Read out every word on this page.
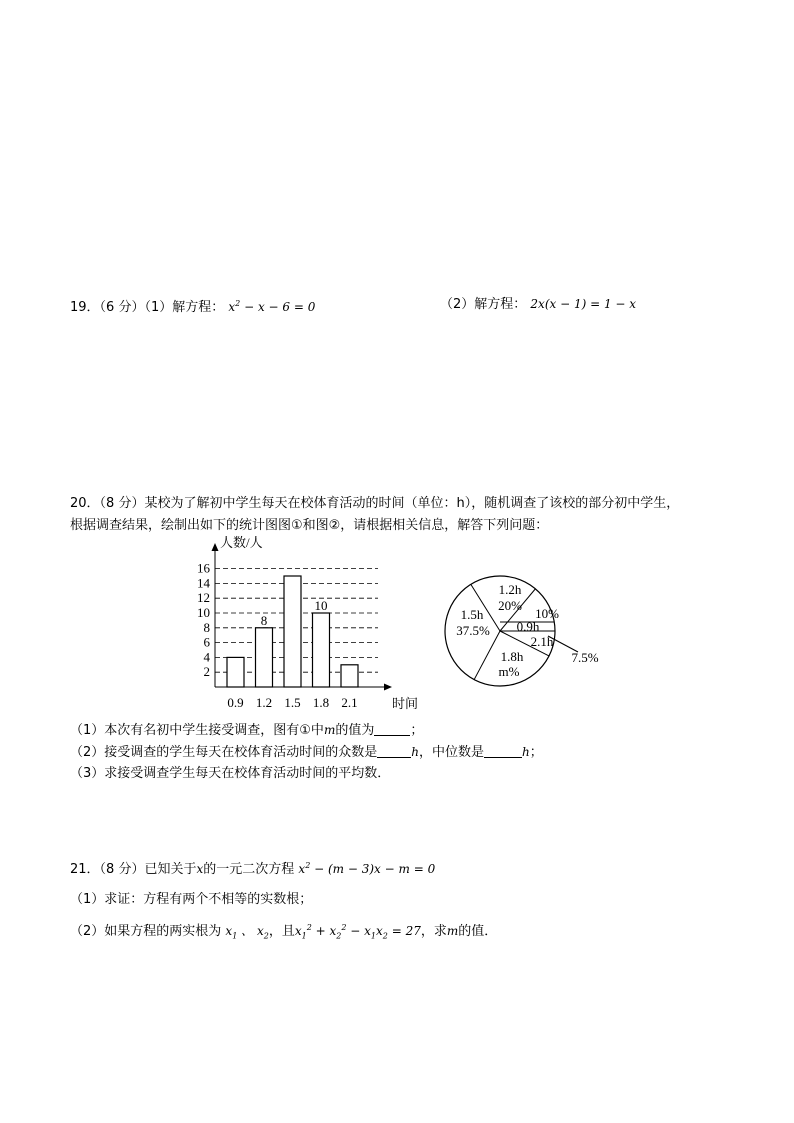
19．（6 分）（1）解方程： $x^2 - x - 6 = 0$	（2）解方程： 2x(x − 1) = 1 − x
20．（8 分）某校为了解初中学生每天在校体育活动的时间（单位：h），随机调查了该校的部分初中学生，
根据调查结果，绘制出如下的统计图图①和图②，请根据相关信息，解答下列问题：
2
4
6
8
10
12
14
16
人数/人
时间
0.9 1.2
8
1.5 1.8
10
2.1
1.2h
20%
10%
0.9h
2.1h
7.5%
1.8h
m%
1.5h
37.5%
（1）本次有名初中学生接受调查，图有①中m的值为	；
（2）接受调查的学生每天在校体育活动时间的众数是	h，中位数是	h；
（3）求接受调查学生每天在校体育活动时间的平均数．
21．（8 分）已知关于x的一元二次方程 $x^2 - (m - 3)x - m = 0$
（1）求证：方程有两个不相等的实数根；
（2）如果方程的两实根为 $x_1$ 、 $x_2$，且$x_1^2 + x_2^2 - x_1x_2 = 27$，求m的值．
